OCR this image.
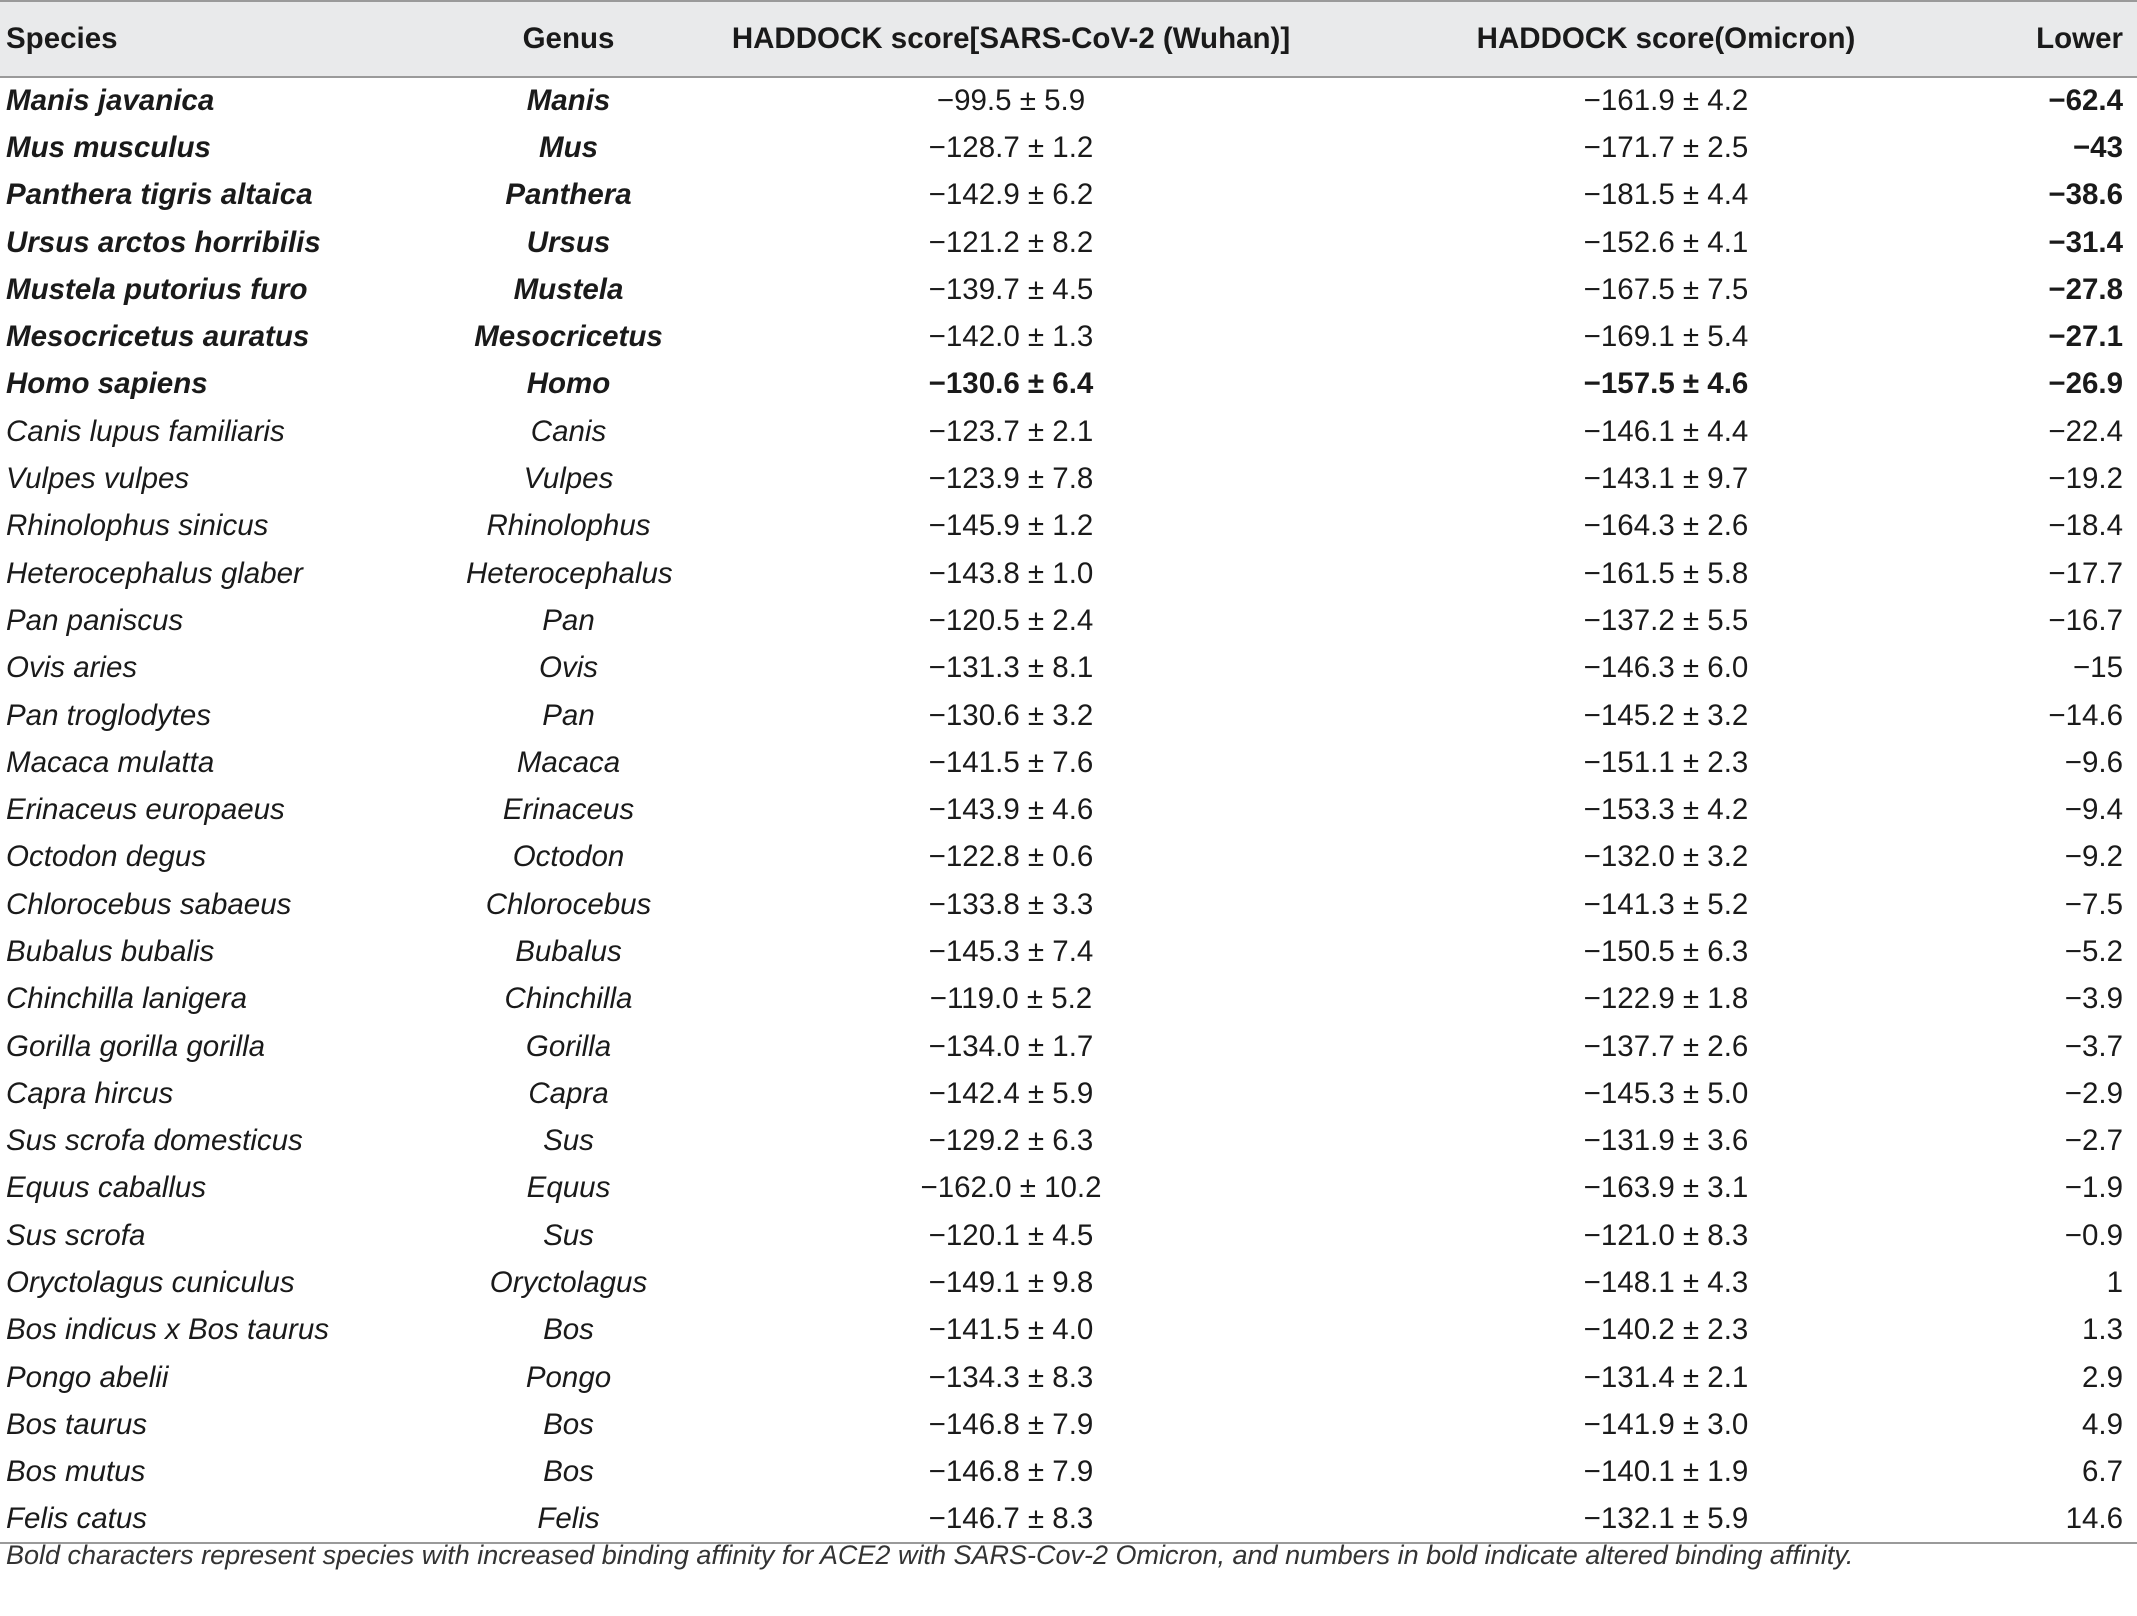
Species	Genus	HADDOCK score[SARS-CoV-2 (Wuhan)]	HADDOCK score(Omicron)	Lower
Manis javanica	Manis	−99.5 ± 5.9	−161.9 ± 4.2	−62.4
Mus musculus	Mus	−128.7 ± 1.2	−171.7 ± 2.5	−43
Panthera tigris altaica	Panthera	−142.9 ± 6.2	−181.5 ± 4.4	−38.6
Ursus arctos horribilis	Ursus	−121.2 ± 8.2	−152.6 ± 4.1	−31.4
Mustela putorius furo	Mustela	−139.7 ± 4.5	−167.5 ± 7.5	−27.8
Mesocricetus auratus	Mesocricetus	−142.0 ± 1.3	−169.1 ± 5.4	−27.1
Homo sapiens	Homo	−130.6 ± 6.4	−157.5 ± 4.6	−26.9
Canis lupus familiaris	Canis	−123.7 ± 2.1	−146.1 ± 4.4	−22.4
Vulpes vulpes	Vulpes	−123.9 ± 7.8	−143.1 ± 9.7	−19.2
Rhinolophus sinicus	Rhinolophus	−145.9 ± 1.2	−164.3 ± 2.6	−18.4
Heterocephalus glaber	Heterocephalus	−143.8 ± 1.0	−161.5 ± 5.8	−17.7
Pan paniscus	Pan	−120.5 ± 2.4	−137.2 ± 5.5	−16.7
Ovis aries	Ovis	−131.3 ± 8.1	−146.3 ± 6.0	−15
Pan troglodytes	Pan	−130.6 ± 3.2	−145.2 ± 3.2	−14.6
Macaca mulatta	Macaca	−141.5 ± 7.6	−151.1 ± 2.3	−9.6
Erinaceus europaeus	Erinaceus	−143.9 ± 4.6	−153.3 ± 4.2	−9.4
Octodon degus	Octodon	−122.8 ± 0.6	−132.0 ± 3.2	−9.2
Chlorocebus sabaeus	Chlorocebus	−133.8 ± 3.3	−141.3 ± 5.2	−7.5
Bubalus bubalis	Bubalus	−145.3 ± 7.4	−150.5 ± 6.3	−5.2
Chinchilla lanigera	Chinchilla	−119.0 ± 5.2	−122.9 ± 1.8	−3.9
Gorilla gorilla gorilla	Gorilla	−134.0 ± 1.7	−137.7 ± 2.6	−3.7
Capra hircus	Capra	−142.4 ± 5.9	−145.3 ± 5.0	−2.9
Sus scrofa domesticus	Sus	−129.2 ± 6.3	−131.9 ± 3.6	−2.7
Equus caballus	Equus	−162.0 ± 10.2	−163.9 ± 3.1	−1.9
Sus scrofa	Sus	−120.1 ± 4.5	−121.0 ± 8.3	−0.9
Oryctolagus cuniculus	Oryctolagus	−149.1 ± 9.8	−148.1 ± 4.3	1
Bos indicus x Bos taurus	Bos	−141.5 ± 4.0	−140.2 ± 2.3	1.3
Pongo abelii	Pongo	−134.3 ± 8.3	−131.4 ± 2.1	2.9
Bos taurus	Bos	−146.8 ± 7.9	−141.9 ± 3.0	4.9
Bos mutus	Bos	−146.8 ± 7.9	−140.1 ± 1.9	6.7
Felis catus	Felis	−146.7 ± 8.3	−132.1 ± 5.9	14.6
Bold characters represent species with increased binding affinity for ACE2 with SARS-Cov-2 Omicron, and numbers in bold indicate altered binding affinity.
